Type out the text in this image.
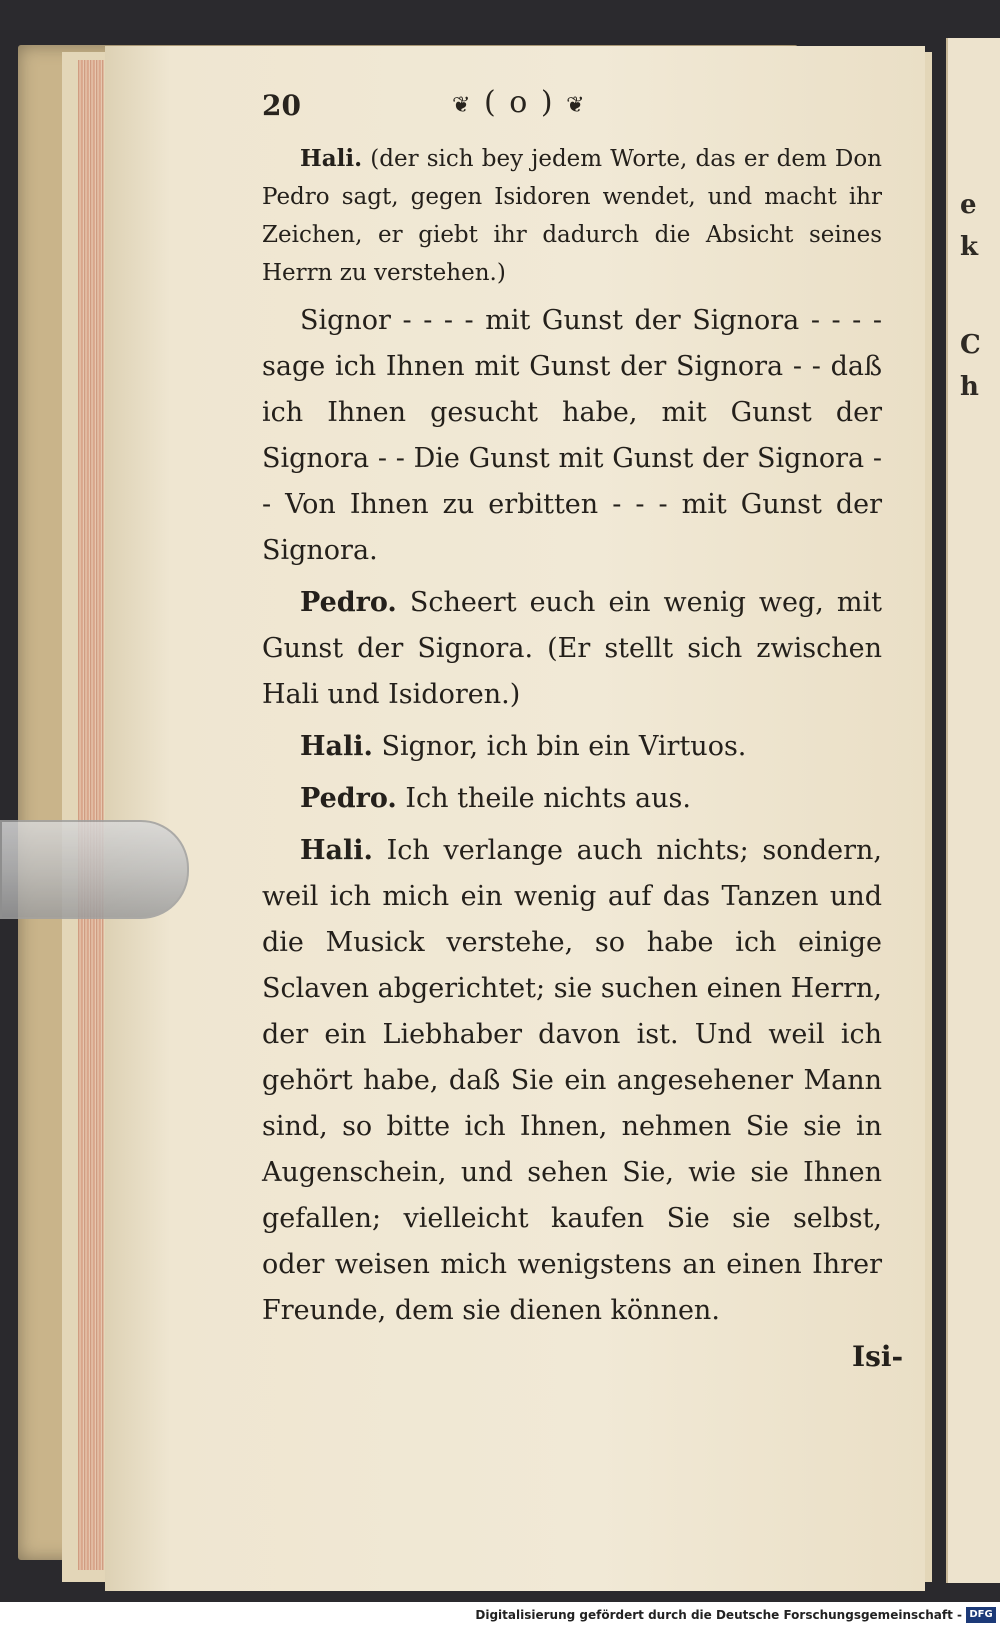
e
k
C
h
20	❦ ( o ) ❦

Hali. (der sich bey jedem Worte, das er dem Don Pedro sagt, gegen Isidoren wendet, und macht ihr Zeichen, er giebt ihr dadurch die Absicht seines Herrn zu verstehen.)

Signor - - - - mit Gunst der Signora - - - - sage ich Ihnen mit Gunst der Signora - - daß ich Ihnen gesucht habe, mit Gunst der Signora - - Die Gunst mit Gunst der Signora - - Von Ihnen zu erbitten - - - mit Gunst der Signora.

Pedro. Scheert euch ein wenig weg, mit Gunst der Signora. (Er stellt sich zwischen Hali und Isidoren.)

Hali. Signor, ich bin ein Virtuos.

Pedro. Ich theile nichts aus.

Hali. Ich verlange auch nichts; sondern, weil ich mich ein wenig auf das Tanzen und die Musick verstehe, so habe ich einige Sclaven abgerichtet; sie suchen einen Herrn, der ein Liebhaber davon ist. Und weil ich gehört habe, daß Sie ein angesehener Mann sind, so bitte ich Ihnen, nehmen Sie sie in Augenschein, und sehen Sie, wie sie Ihnen gefallen; vielleicht kaufen Sie sie selbst, oder weisen mich wenigstens an einen Ihrer Freunde, dem sie dienen können.

Isi-
Digitalisierung gefördert durch die Deutsche Forschungsgemeinschaft - DFG
